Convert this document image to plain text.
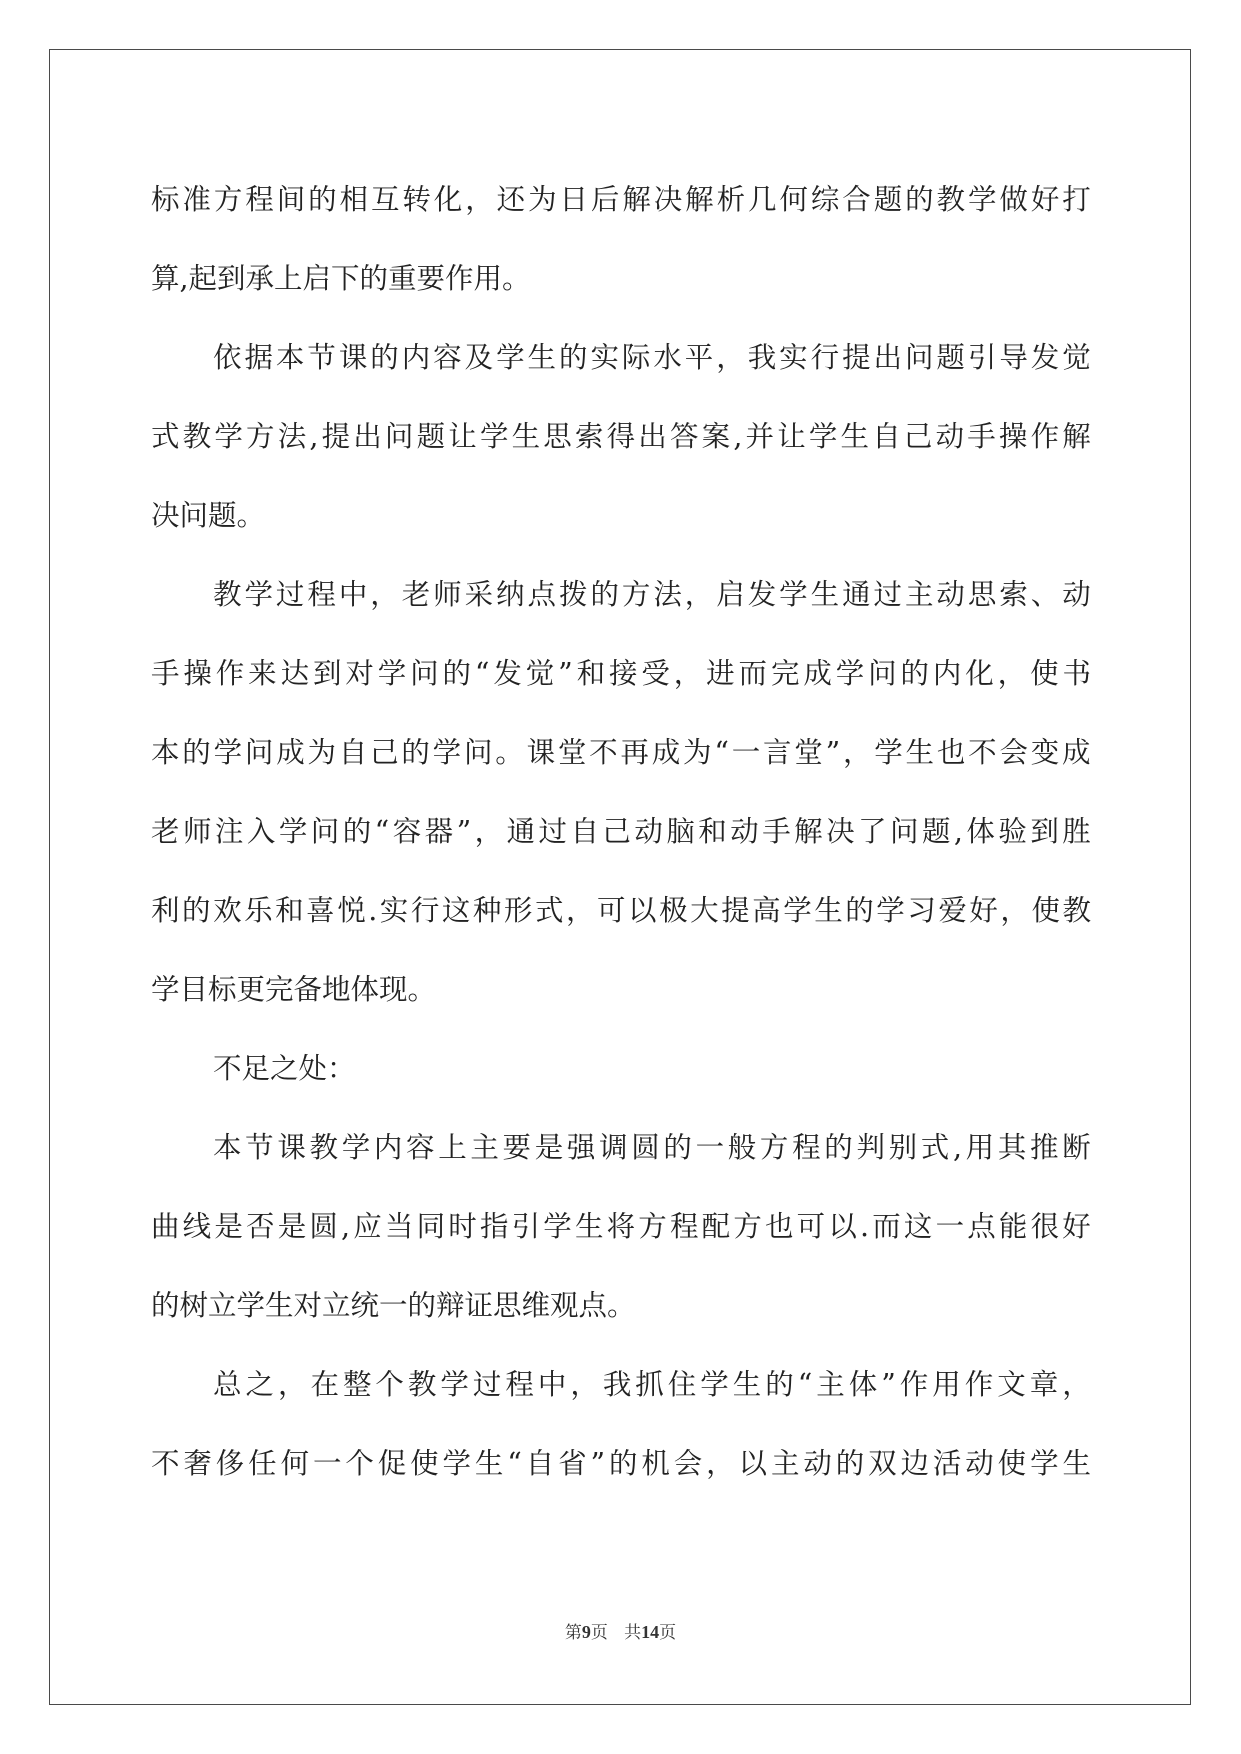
标 准 方 程 间 的 相 互 转 化 ， 还 为 日 后 解 决 解 析 几 何 综 合 题 的 教 学 做 好 打
算,起到承上启下的重要作用。
依 据 本 节 课 的 内 容 及 学 生 的 实 际 水 平 ， 我 实 行 提 出 问 题 引 导 发 觉
式 教 学 方 法 , 提 出 问 题 让 学 生 思 索 得 出 答 案 , 并 让 学 生 自 己 动 手 操 作 解
决问题。
教 学 过 程 中 ， 老 师 采 纳 点 拨 的 方 法 ， 启 发 学 生 通 过 主 动 思 索 、 动
手 操 作 来 达 到 对 学 问 的 “ 发 觉 ” 和 接 受 ， 进 而 完 成 学 问 的 内 化 ， 使 书
本 的 学 问 成 为 自 己 的 学 问 。 课 堂 不 再 成 为 “ 一 言 堂 ” ， 学 生 也 不 会 变 成
老 师 注 入 学 问 的 “ 容 器 ” ， 通 过 自 己 动 脑 和 动 手 解 决 了 问 题 , 体 验 到 胜
利 的 欢 乐 和 喜 悦 . 实 行 这 种 形 式 ， 可 以 极 大 提 高 学 生 的 学 习 爱 好 ， 使 教
学目标更完备地体现。
不足之处：
本 节 课 教 学 内 容 上 主 要 是 强 调 圆 的 一 般 方 程 的 判 别 式 , 用 其 推 断
曲 线 是 否 是 圆 , 应 当 同 时 指 引 学 生 将 方 程 配 方 也 可 以 . 而 这 一 点 能 很 好
的树立学生对立统一的辩证思维观点。
总 之 ， 在 整 个 教 学 过 程 中 ， 我 抓 住 学 生 的 “ 主 体 ” 作 用 作 文 章 ，
不 奢 侈 任 何 一 个 促 使 学 生 “ 自 省 ” 的 机 会 ， 以 主 动 的 双 边 活 动 使 学 生
第9页 共14页
